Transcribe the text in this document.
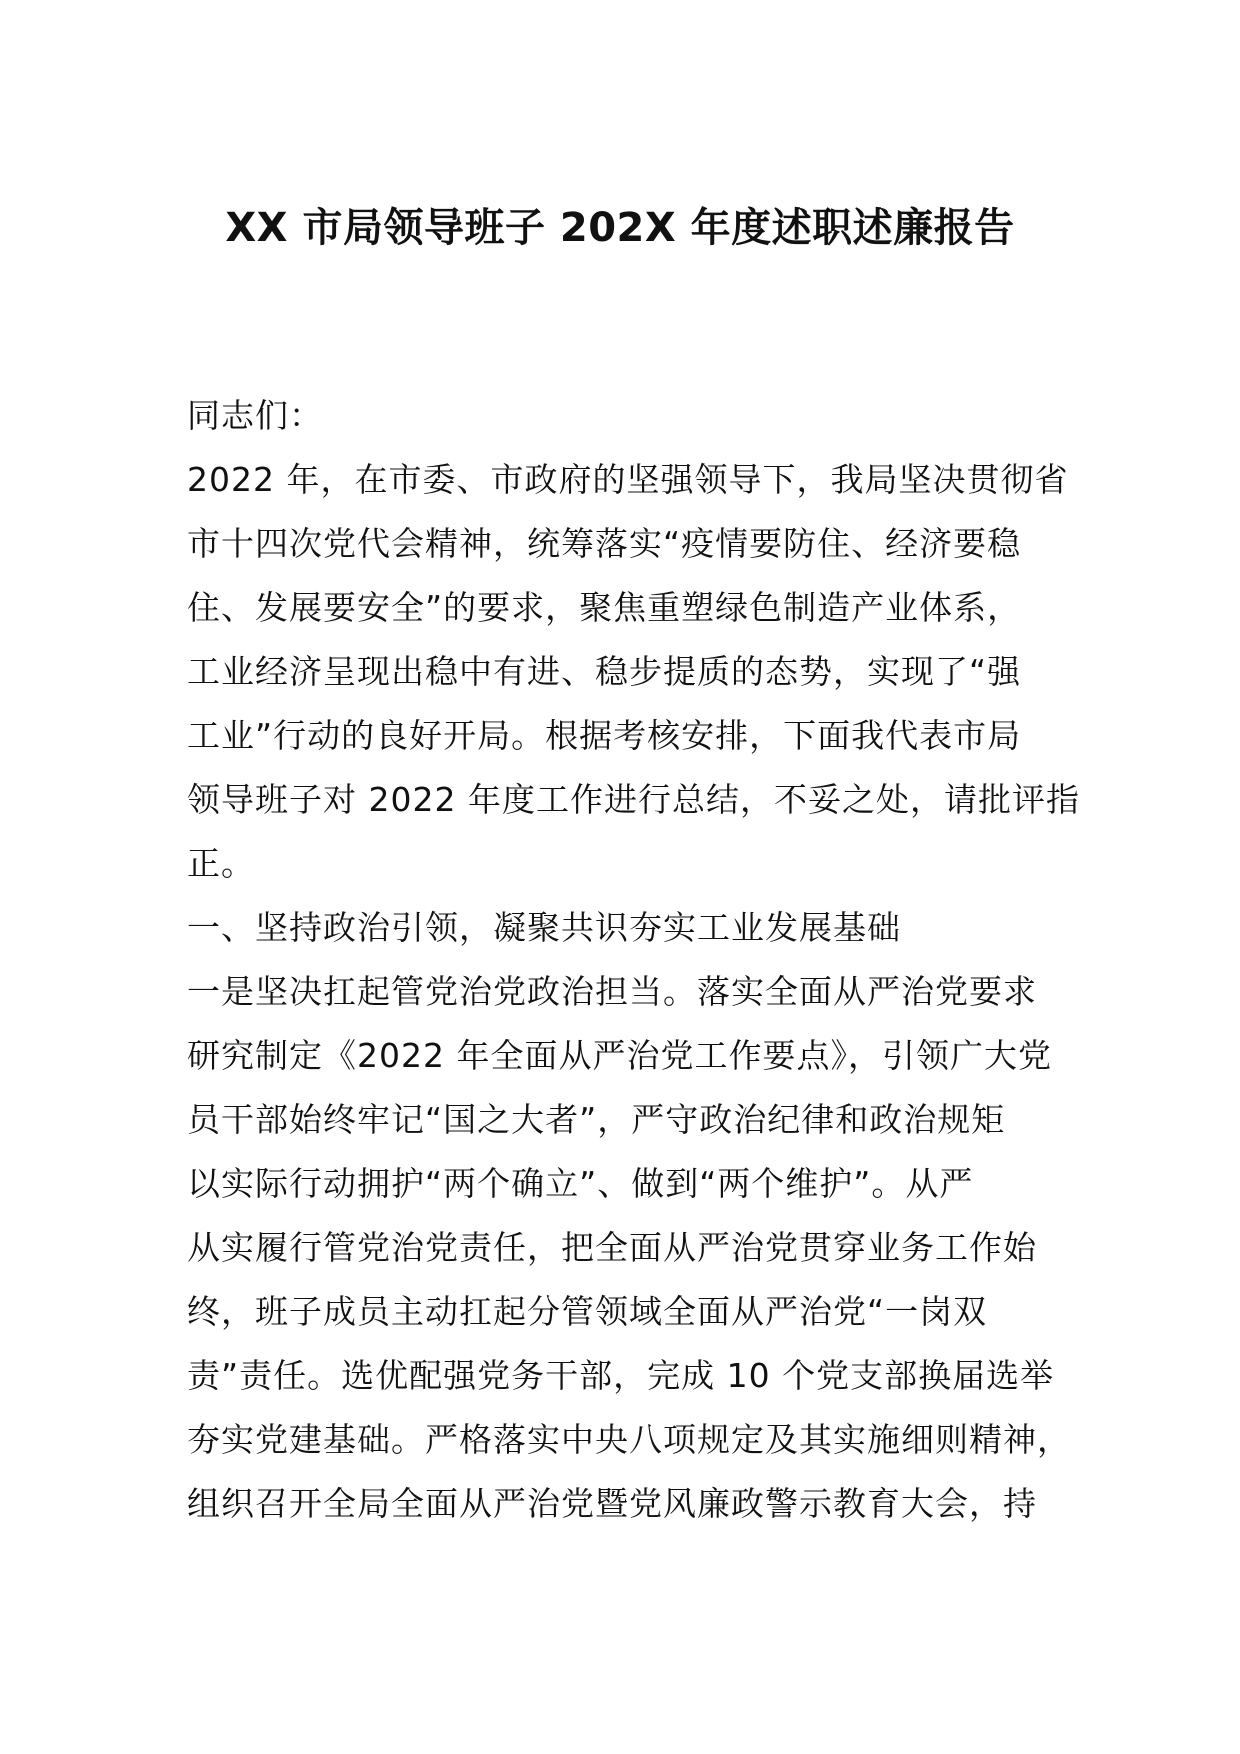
XX 市局领导班子 202X 年度述职述廉报告
同志们：
2022 年，在市委、市政府的坚强领导下，我局坚决贯彻省
市十四次党代会精神，统筹落实“疫情要防住、经济要稳
住、发展要安全”的要求，聚焦重塑绿色制造产业体系，
工业经济呈现出稳中有进、稳步提质的态势，实现了“强
工业”行动的良好开局。根据考核安排，下面我代表市局
领导班子对 2022 年度工作进行总结，不妥之处，请批评指
正。
一、坚持政治引领，凝聚共识夯实工业发展基础
一是坚决扛起管党治党政治担当。落实全面从严治党要求
研究制定《2022 年全面从严治党工作要点》，引领广大党
员干部始终牢记“国之大者”，严守政治纪律和政治规矩
以实际行动拥护“两个确立”、做到“两个维护”。从严
从实履行管党治党责任，把全面从严治党贯穿业务工作始
终，班子成员主动扛起分管领域全面从严治党“一岗双
责”责任。选优配强党务干部，完成 10 个党支部换届选举
夯实党建基础。严格落实中央八项规定及其实施细则精神，
组织召开全局全面从严治党暨党风廉政警示教育大会，持
